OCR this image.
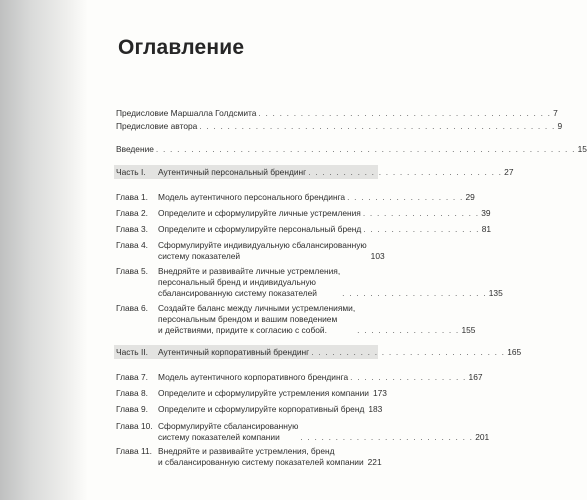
Оглавление
Предисловие Маршалла Голдсмита . . . . . . . . . . . . . . . . . . . . . . . . . . . . . . . . . . . . . . . . . . 7
Предисловие автора . . . . . . . . . . . . . . . . . . . . . . . . . . . . . . . . . . . . . . . . . . . . . . . . . . . 9
Введение . . . . . . . . . . . . . . . . . . . . . . . . . . . . . . . . . . . . . . . . . . . . . . . . . . . . . . . . . . . . 15
Часть I. Аутентичный персональный брендинг . . . . . . . . . . . . . . . . . . . . . . . . . . . . 27
Глава 1. Модель аутентичного персонального брендинга . . . . . . . . . . . . . . . . . 29
Глава 2. Определите и сформулируйте личные устремления . . . . . . . . . . . . . . . . . 39
Глава 3. Определите и сформулируйте персональный бренд . . . . . . . . . . . . . . . . . 81
Глава 4. Сформулируйте индивидуальную сбалансированную
систему показателей	103
Глава 5. Внедряйте и развивайте личные устремления,
персональный бренд и индивидуальную
сбалансированную систему показателей	. . . . . . . . . . . . . . . . . . . . . 135
Глава 6. Создайте баланс между личными устремлениями,
персональным брендом и вашим поведением
и действиями, придите к согласию с собой.	. . . . . . . . . . . . . . . 155
Часть II. Аутентичный корпоративный брендинг . . . . . . . . . . . . . . . . . . . . . . . . . . . . 165
Глава 7. Модель аутентичного корпоративного брендинга . . . . . . . . . . . . . . . . . 167
Глава 8. Определите и сформулируйте устремления компании 173
Глава 9. Определите и сформулируйте корпоративный бренд 183
Глава 10. Сформулируйте сбалансированную
систему показателей компании	. . . . . . . . . . . . . . . . . . . . . . . . . 201
Глава 11. Внедряйте и развивайте устремления, бренд
и сбалансированную систему показателей компании 221
